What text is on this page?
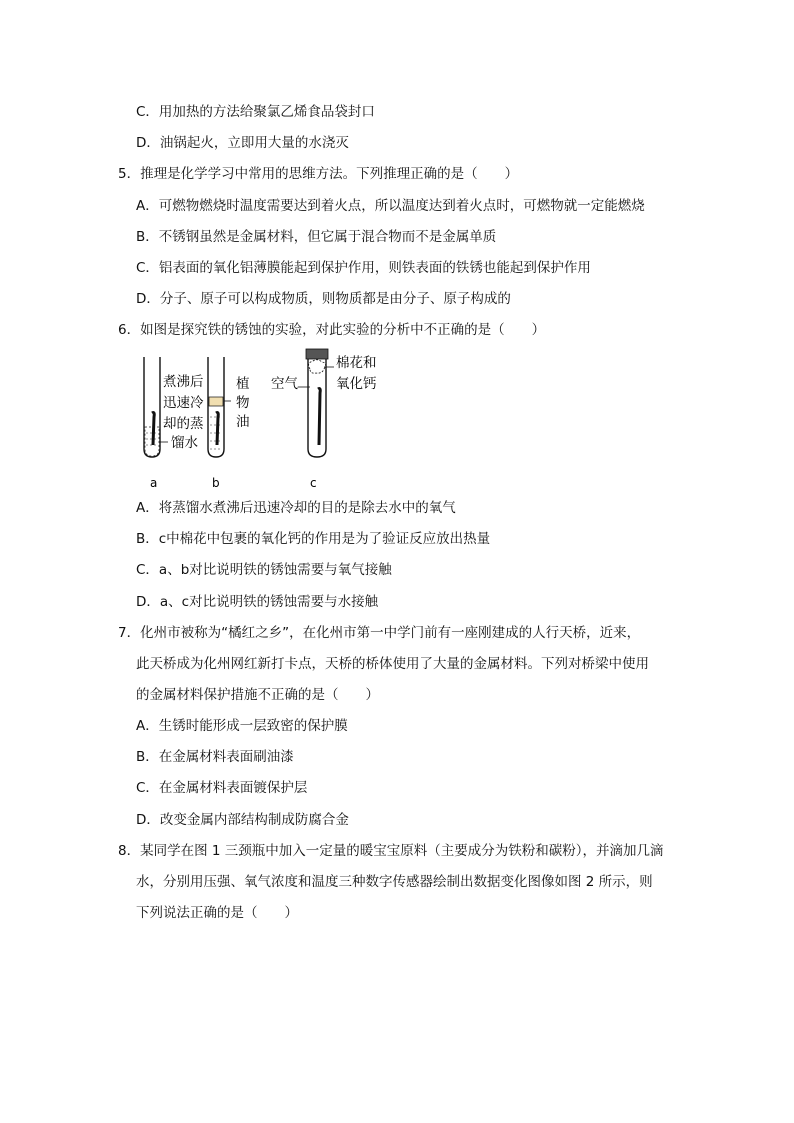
C．用加热的方法给聚氯乙烯食品袋封口
D．油锅起火，立即用大量的水浇灭
5．推理是化学学习中常用的思维方法。下列推理正确的是（　　）
A．可燃物燃烧时温度需要达到着火点，所以温度达到着火点时，可燃物就一定能燃烧
B．不锈钢虽然是金属材料，但它属于混合物而不是金属单质
C．铝表面的氧化铝薄膜能起到保护作用，则铁表面的铁锈也能起到保护作用
D．分子、原子可以构成物质，则物质都是由分子、原子构成的
6．如图是探究铁的锈蚀的实验，对此实验的分析中不正确的是（　　）
煮沸后
迅速冷
却的蒸
馏水
植
物
油
棉花和
氧化钙
空气
a	b	c
A．将蒸馏水煮沸后迅速冷却的目的是除去水中的氧气
B．c中棉花中包裹的氧化钙的作用是为了验证反应放出热量
C．a、b对比说明铁的锈蚀需要与氧气接触
D．a、c对比说明铁的锈蚀需要与水接触
7．化州市被称为“橘红之乡”，在化州市第一中学门前有一座刚建成的人行天桥，近来，
此天桥成为化州网红新打卡点，天桥的桥体使用了大量的金属材料。下列对桥梁中使用
的金属材料保护措施不正确的是（　　）
A．生锈时能形成一层致密的保护膜
B．在金属材料表面刷油漆
C．在金属材料表面镀保护层
D．改变金属内部结构制成防腐合金
8．某同学在图 1 三颈瓶中加入一定量的暖宝宝原料（主要成分为铁粉和碳粉），并滴加几滴
水，分别用压强、氧气浓度和温度三种数字传感器绘制出数据变化图像如图 2 所示，则
下列说法正确的是（　　）
